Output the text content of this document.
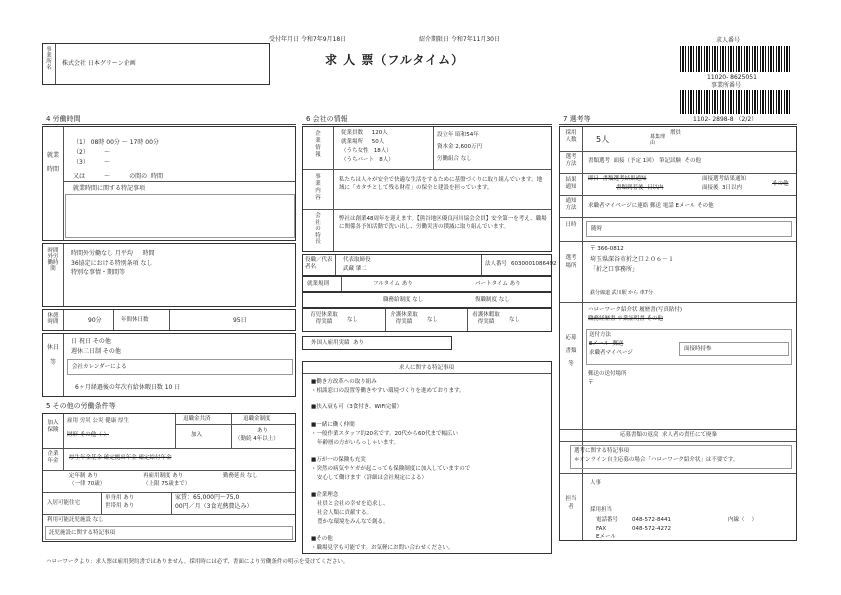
受付年月日 令和7年9月18日	紹介期限日 令和7年11月30日
求 人 票（フルタイム）
求人番号
11020- 8625051
事業所番号
1102- 2898-8 （2/2）
事業所名
株式会社 日本グリーン企画
4 労働時間
就業時間
（1） 08時 00分 〜 17時 00分
（2）        〜
（3）        〜
又は          〜          の間の  時間
就業時間に関する特記事項
時間外労働時間
時間外労働なし 月平均     時間
36協定における特別条項 なし
特別な事情・期間等
休憩時間	90分	年間休日数	95日
休日等
日 祝日 その他
週休二日制 その他
会社カレンダーによる
6ヶ月経過後の年次有給休暇日数 10 日
5 その他の労働条件等
加入保険
雇用 労災 公災 健康 厚生
財形 その他（ ）
退職金共済
加入
退職金制度
あり
（勤続 4年以上）
企業年金 厚生年金基金 確定拠出年金 確定給付年金
定年制 あり
（一律 70歳）
再雇用制度 あり
（上限 75歳まで）
勤務延長 なし
入居可能住宅
単身用 あり
世帯用 あり
家賃：65,000円〜75,0
00円／月（3食光熱費込み）
利用可能託児施設 なし
託児施設に関する特記事項
6 会社の情報
企業情報
従業員数     120人
就業場所     50人
（うち女性   18人）
（うちパート   8人）
設立年 昭和54年
資本金 2,600万円
労働組合 なし
事業内容
私たちは人々が安全で快適な生活をするために基盤づくりに取り組んでいます。地域に「カタチとして残る財産」の保全と建設を担っています。
会社の特長
弊社は創業48周年を迎えます。【熊谷地区優良河川協会会員】安全第一を考え、職場に関係各予知活動で洗い出し、労働災害の撲滅に取り組んでいます。
役職／代表者名
代表取締役
武藏 肇二
法人番号 6030001086492
就業規則	フルタイム あり	パートタイム あり
職務給制度 なし	復職制度 なし
育児休業取得実績	なし
介護休業取得実績	なし
看護休暇取得実績	なし
外国人雇用実績  あり
求人に関する特記事項
■働き方改革への取り組み
・相談窓口の設置等働きやすい環境づくりを進めております。
■扶入衰も可（3食付き、WiFi完備）
■一緒に働く仲間
・一般作業スタッフ約20名です。20代から60代まで幅広い
年齢層の方がいらっしゃいます。
■万が一の保険も充実
・突然の病気やケガが起こっても保険制度に加入していますので
安心して働けます（詳細は会社規定による）
■企業理念
社員と会社の幸せを追求し、
社会人類に貢献する。
豊かな環境をみんなで創る。
■その他
・職場見学も可能です。お気軽にお問い合わせください。
7 選考等
採用人数	5人	募集理由
増員
選考方法	書類選考  面接（予定 1回） 筆記試験  その他
結果通知
即日  書類選考結果通知	面接選考結果通知
書類到着後  日以内	面接後  3日以内
その他
通知方法	求職者マイページに連絡 郵送 電話 Eメール その他
日時
随時
選考場所
〒 366-0812
埼玉県深谷市折之口２０６－１
「折之口事務所」
鉄分線道 武川駅 から 車7分
応募書類等
ハローワーク紹介状 履歴書(写真貼付)
職務経歴書 卒業証明書 その他
送付方法
Eメール  郵送
求職者マイページ
面接時持参
郵送の送付場所
〒
応募書類の返戻  求人者の責任にて廃棄
選考に関する特記事項
＊オンライン自主応募の場合「ハローワーク紹介状」は不要です。
担当者
人事
採用担当
電話番号	048-572-8441	内線（    ）
FAX	048-572-4272
Eメール
ハローワークより：求人票は雇用契約書ではありません。採用時には必ず、書面により労働条件の明示を受けてください。
